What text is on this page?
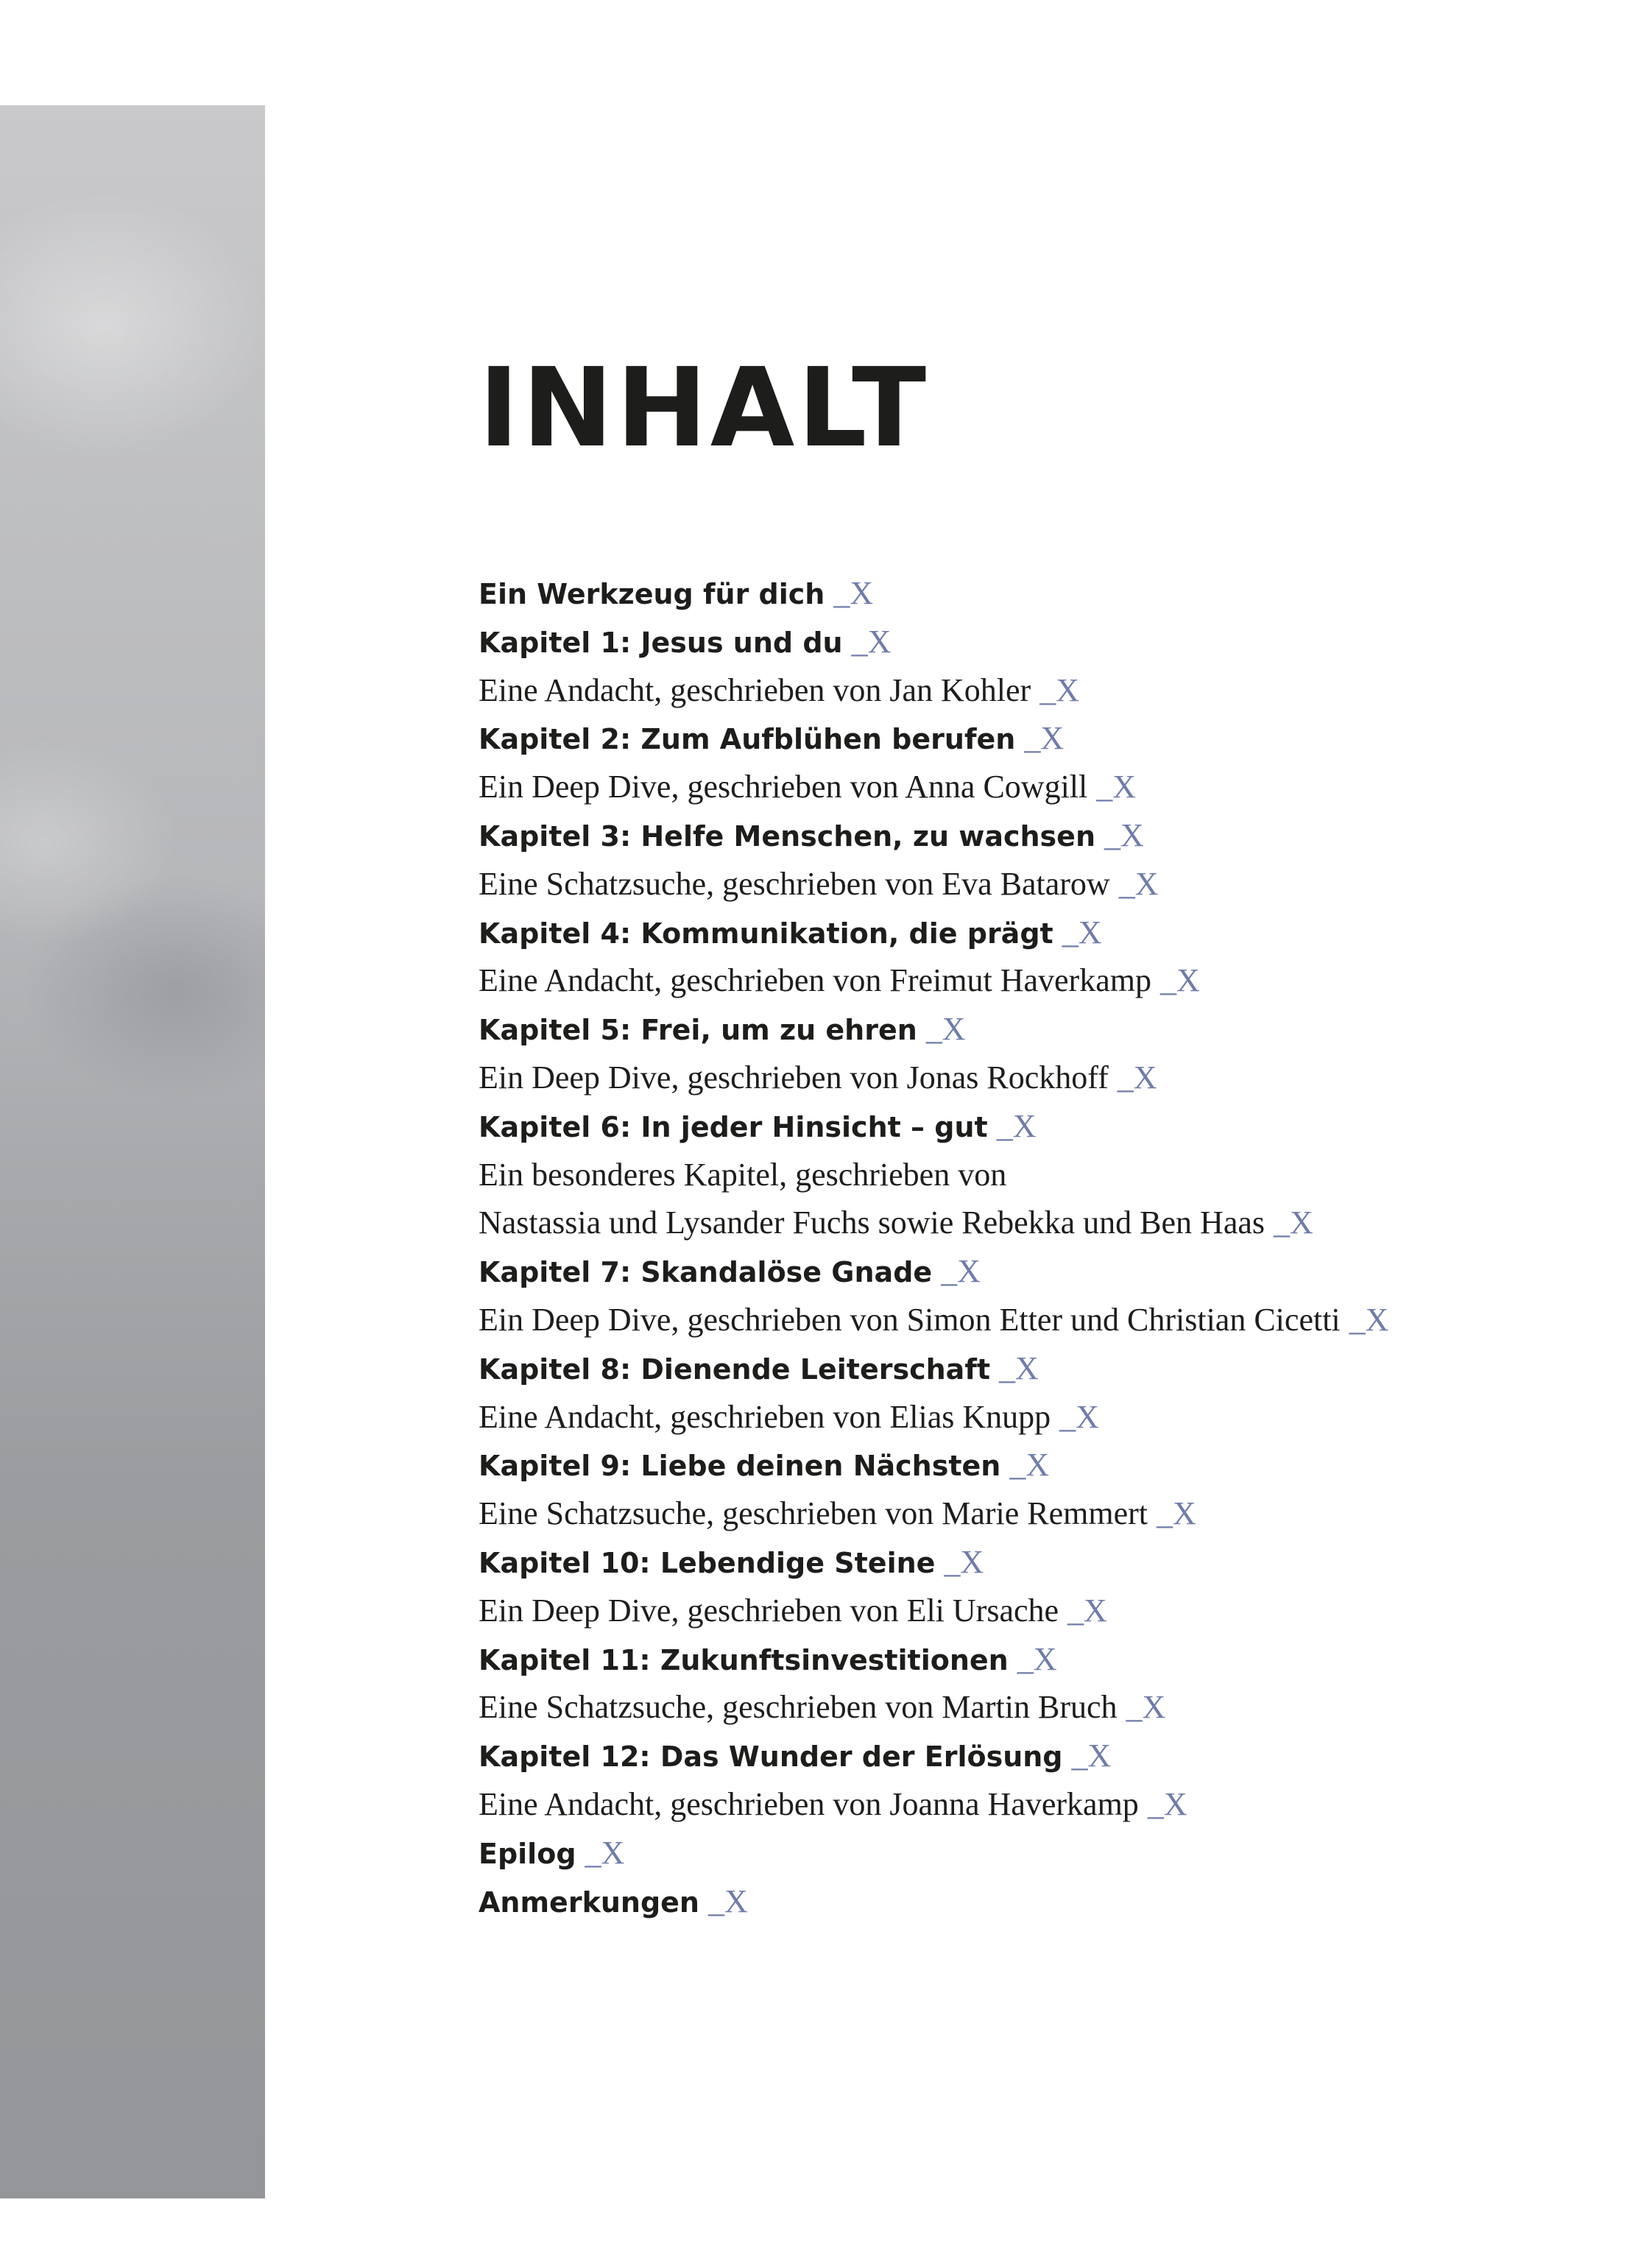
INHALT
Ein Werkzeug für dich _X
Kapitel 1: Jesus und du _X
Eine Andacht, geschrieben von Jan Kohler _X
Kapitel 2: Zum Aufblühen berufen _X
Ein Deep Dive, geschrieben von Anna Cowgill _X
Kapitel 3: Helfe Menschen, zu wachsen _X
Eine Schatzsuche, geschrieben von Eva Batarow _X
Kapitel 4: Kommunikation, die prägt _X
Eine Andacht, geschrieben von Freimut Haverkamp _X
Kapitel 5: Frei, um zu ehren _X
Ein Deep Dive, geschrieben von Jonas Rockhoff _X
Kapitel 6: In jeder Hinsicht – gut _X
Ein besonderes Kapitel, geschrieben von
Nastassia und Lysander Fuchs sowie Rebekka und Ben Haas _X
Kapitel 7: Skandalöse Gnade _X
Ein Deep Dive, geschrieben von Simon Etter und Christian Cicetti _X
Kapitel 8: Dienende Leiterschaft _X
Eine Andacht, geschrieben von Elias Knupp _X
Kapitel 9: Liebe deinen Nächsten _X
Eine Schatzsuche, geschrieben von Marie Remmert _X
Kapitel 10: Lebendige Steine _X
Ein Deep Dive, geschrieben von Eli Ursache _X
Kapitel 11: Zukunftsinvestitionen _X
Eine Schatzsuche, geschrieben von Martin Bruch _X
Kapitel 12: Das Wunder der Erlösung _X
Eine Andacht, geschrieben von Joanna Haverkamp _X
Epilog _X
Anmerkungen _X
